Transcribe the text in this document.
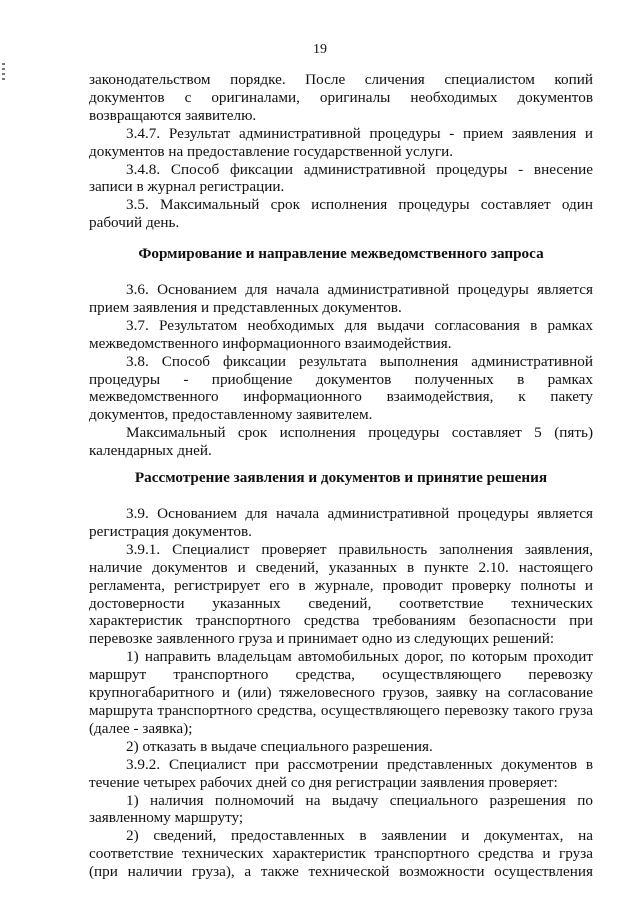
19
законодательством порядке. После сличения специалистом копий
документов с оригиналами, оригиналы необходимых документов
возвращаются заявителю.
3.4.7. Результат административной процедуры - прием заявления и
документов на предоставление государственной услуги.
3.4.8. Способ фиксации административной процедуры - внесение
записи в журнал регистрации.
3.5. Максимальный срок исполнения процедуры составляет один
рабочий день.
Формирование и направление межведомственного запроса
3.6. Основанием для начала административной процедуры является
прием заявления и представленных документов.
3.7. Результатом необходимых для выдачи согласования в рамках
межведомственного информационного взаимодействия.
3.8. Способ фиксации результата выполнения административной
процедуры - приобщение документов полученных в рамках
межведомственного информационного взаимодействия, к пакету
документов, предоставленному заявителем.
Максимальный срок исполнения процедуры составляет 5 (пять)
календарных дней.
Рассмотрение заявления и документов и принятие решения
3.9. Основанием для начала административной процедуры является
регистрация документов.
3.9.1. Специалист проверяет правильность заполнения заявления,
наличие документов и сведений, указанных в пункте 2.10. настоящего
регламента, регистрирует его в журнале, проводит проверку полноты и
достоверности указанных сведений, соответствие технических
характеристик транспортного средства требованиям безопасности при
перевозке заявленного груза и принимает одно из следующих решений:
1) направить владельцам автомобильных дорог, по которым проходит
маршрут транспортного средства, осуществляющего перевозку
крупногабаритного и (или) тяжеловесного грузов, заявку на согласование
маршрута транспортного средства, осуществляющего перевозку такого груза
(далее - заявка);
2) отказать в выдаче специального разрешения.
3.9.2. Специалист при рассмотрении представленных документов в
течение четырех рабочих дней со дня регистрации заявления проверяет:
1) наличия полномочий на выдачу специального разрешения по
заявленному маршруту;
2) сведений, предоставленных в заявлении и документах, на
соответствие технических характеристик транспортного средства и груза
(при наличии груза), а также технической возможности осуществления
